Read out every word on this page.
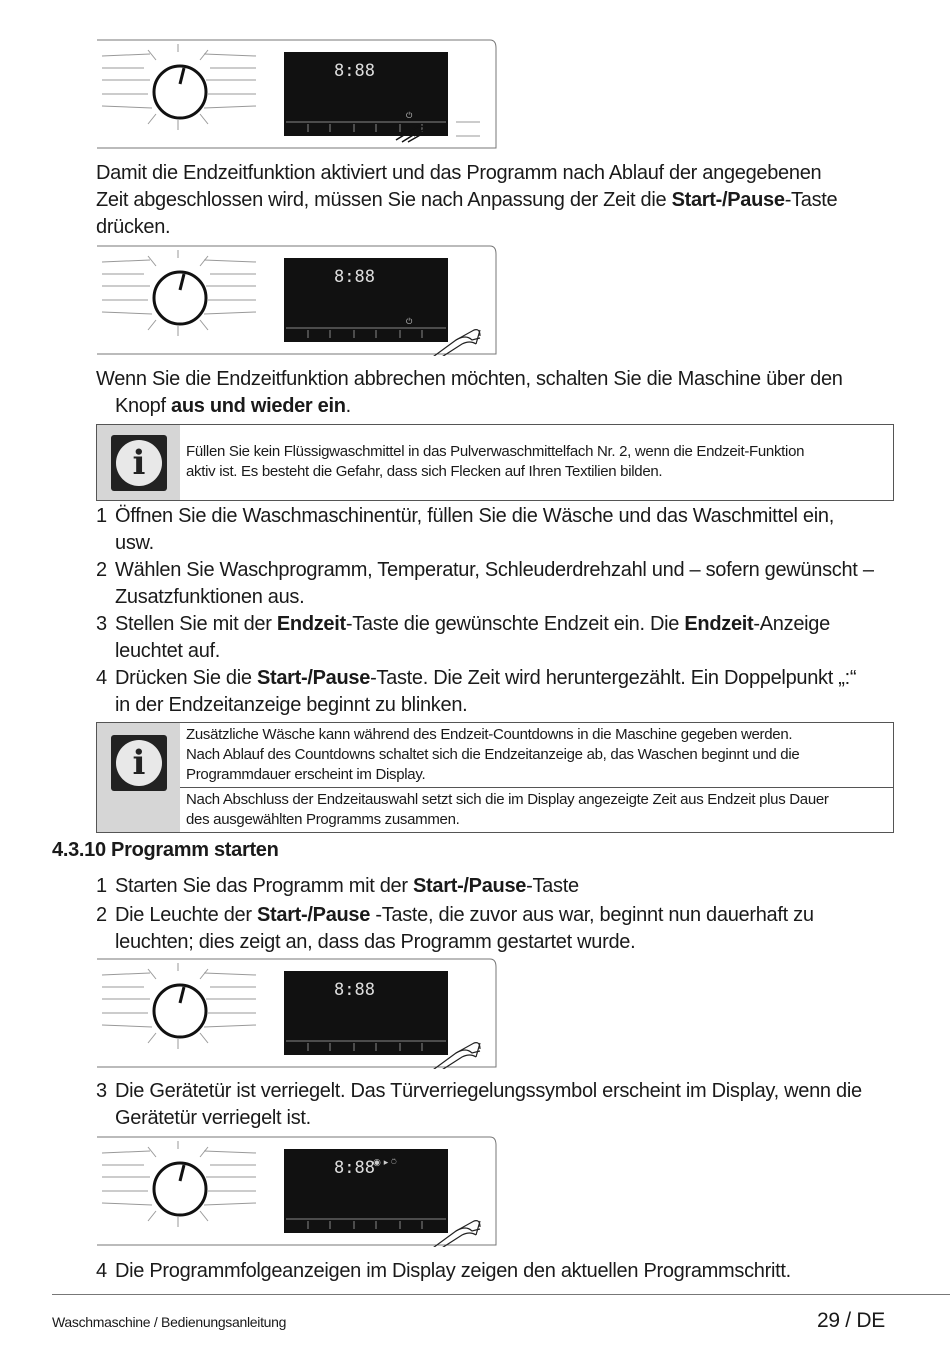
8:88
⏻
Damit die Endzeitfunktion aktiviert und das Programm nach Ablauf der angegebenen
Zeit abgeschlossen wird, müssen Sie nach Anpassung der Zeit die Start-/Pause-Taste
drücken.
8:88
⏻
Wenn Sie die Endzeitfunktion abbrechen möchten, schalten Sie die Maschine über den
Knopf aus und wieder ein.
i	Füllen Sie kein Flüssigwaschmittel in das Pulverwaschmittelfach Nr. 2, wenn die Endzeit-Funktion
aktiv ist. Es besteht die Gefahr, dass sich Flecken auf Ihren Textilien bilden.
1 Öffnen Sie die Waschmaschinentür, füllen Sie die Wäsche und das Waschmittel ein,
usw.
2 Wählen Sie Waschprogramm, Temperatur, Schleuderdrehzahl und – sofern gewünscht –
Zusatzfunktionen aus.
3 Stellen Sie mit der Endzeit-Taste die gewünschte Endzeit ein. Die Endzeit-Anzeige
leuchtet auf.
4 Drücken Sie die Start-/Pause-Taste. Die Zeit wird heruntergezählt. Ein Doppelpunkt „:“
in der Endzeitanzeige beginnt zu blinken.
i
Zusätzliche Wäsche kann während des Endzeit-Countdowns in die Maschine gegeben werden.
Nach Ablauf des Countdowns schaltet sich die Endzeitanzeige ab, das Waschen beginnt und die
Programmdauer erscheint im Display.
Nach Abschluss der Endzeitauswahl setzt sich die im Display angezeigte Zeit aus Endzeit plus Dauer
des ausgewählten Programms zusammen.
4.3.10 Programm starten
1 Starten Sie das Programm mit der Start-/Pause-Taste
2 Die Leuchte der Start-/Pause -Taste, die zuvor aus war, beginnt nun dauerhaft zu
leuchten; dies zeigt an, dass das Programm gestartet wurde.
8:88
3 Die Gerätetür ist verriegelt. Das Türverriegelungssymbol erscheint im Display, wenn die
Gerätetür verriegelt ist.
8:88
◉ ▸ ⍥
4 Die Programmfolgeanzeigen im Display zeigen den aktuellen Programmschritt.
Waschmaschine / Bedienungsanleitung	29 / DE
